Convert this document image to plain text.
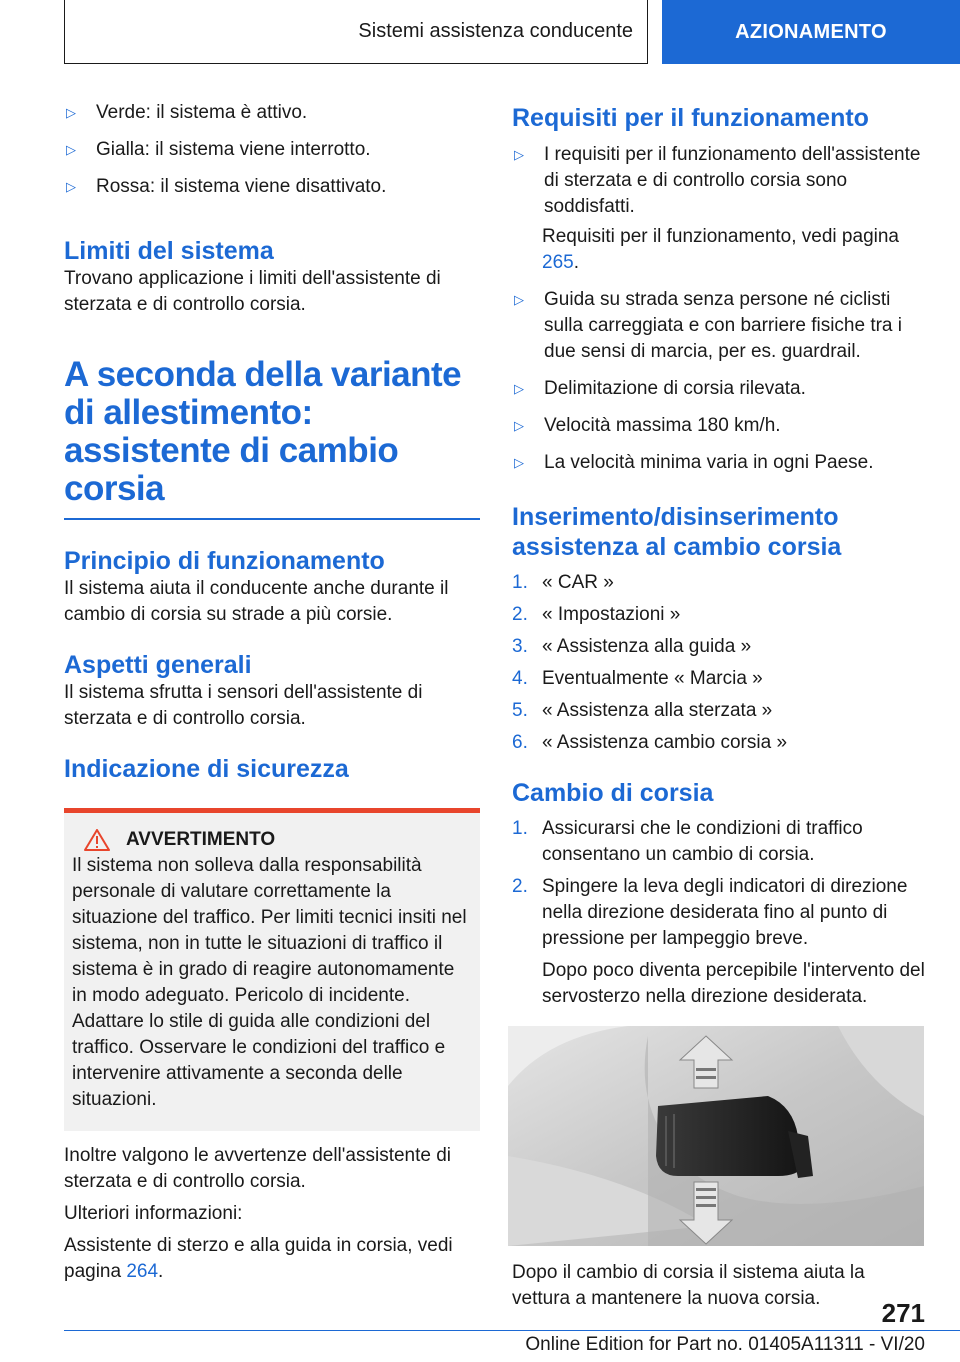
Sistemi assistenza conducente	AZIONAMENTO
▷	Verde: il sistema è attivo.
▷	Gialla: il sistema viene interrotto.
▷	Rossa: il sistema viene disattivato.
Limiti del sistema

Trovano applicazione i limiti dell'assistente di sterzata e di controllo corsia.

A seconda della variante di allestimento: assistente di cambio corsia
Principio di funzionamento

Il sistema aiuta il conducente anche durante il cambio di corsia su strade a più corsie.

Aspetti generali

Il sistema sfrutta i sensori dell'assistente di sterzata e di controllo corsia.

Indicazione di sicurezza
AVVERTIMENTO

Il sistema non solleva dalla responsabilità personale di valutare correttamente la situazione del traffico. Per limiti tecnici insiti nel sistema, non in tutte le situazioni di traffico il sistema è in grado di reagire autonomamente in modo adeguato. Pericolo di incidente. Adattare lo stile di guida alle condizioni del traffico. Osservare le condizioni del traffico e intervenire attivamente a seconda delle situazioni.

Inoltre valgono le avvertenze dell'assistente di sterzata e di controllo corsia.

Ulteriori informazioni:

Assistente di sterzo e alla guida in corsia, vedi pagina 264.

Requisiti per il funzionamento
▷	I requisiti per il funzionamento dell'assistente di sterzata e di controllo corsia sono soddisfatti.

Requisiti per il funzionamento, vedi pagina 265.

▷	Guida su strada senza persone né ciclisti sulla carreggiata e con barriere fisiche tra i due sensi di marcia, per es. guardrail.
▷	Delimitazione di corsia rilevata.
▷	Velocità massima 180 km/h.
▷	La velocità minima varia in ogni Paese.
Inserimento/disinserimento assistenza al cambio corsia
1. « CAR »
2. « Impostazioni »
3. « Assistenza alla guida »
4. Eventualmente « Marcia »
5. « Assistenza alla sterzata »
6. « Assistenza cambio corsia »
Cambio di corsia
1. Assicurarsi che le condizioni di traffico consentano un cambio di corsia.
2. Spingere la leva degli indicatori di direzione nella direzione desiderata fino al punto di pressione per lampeggio breve.

Dopo poco diventa percepibile l'intervento del servosterzo nella direzione desiderata.

Dopo il cambio di corsia il sistema aiuta la vettura a mantenere la nuova corsia.	271
Online Edition for Part no. 01405A11311 - VI/20
